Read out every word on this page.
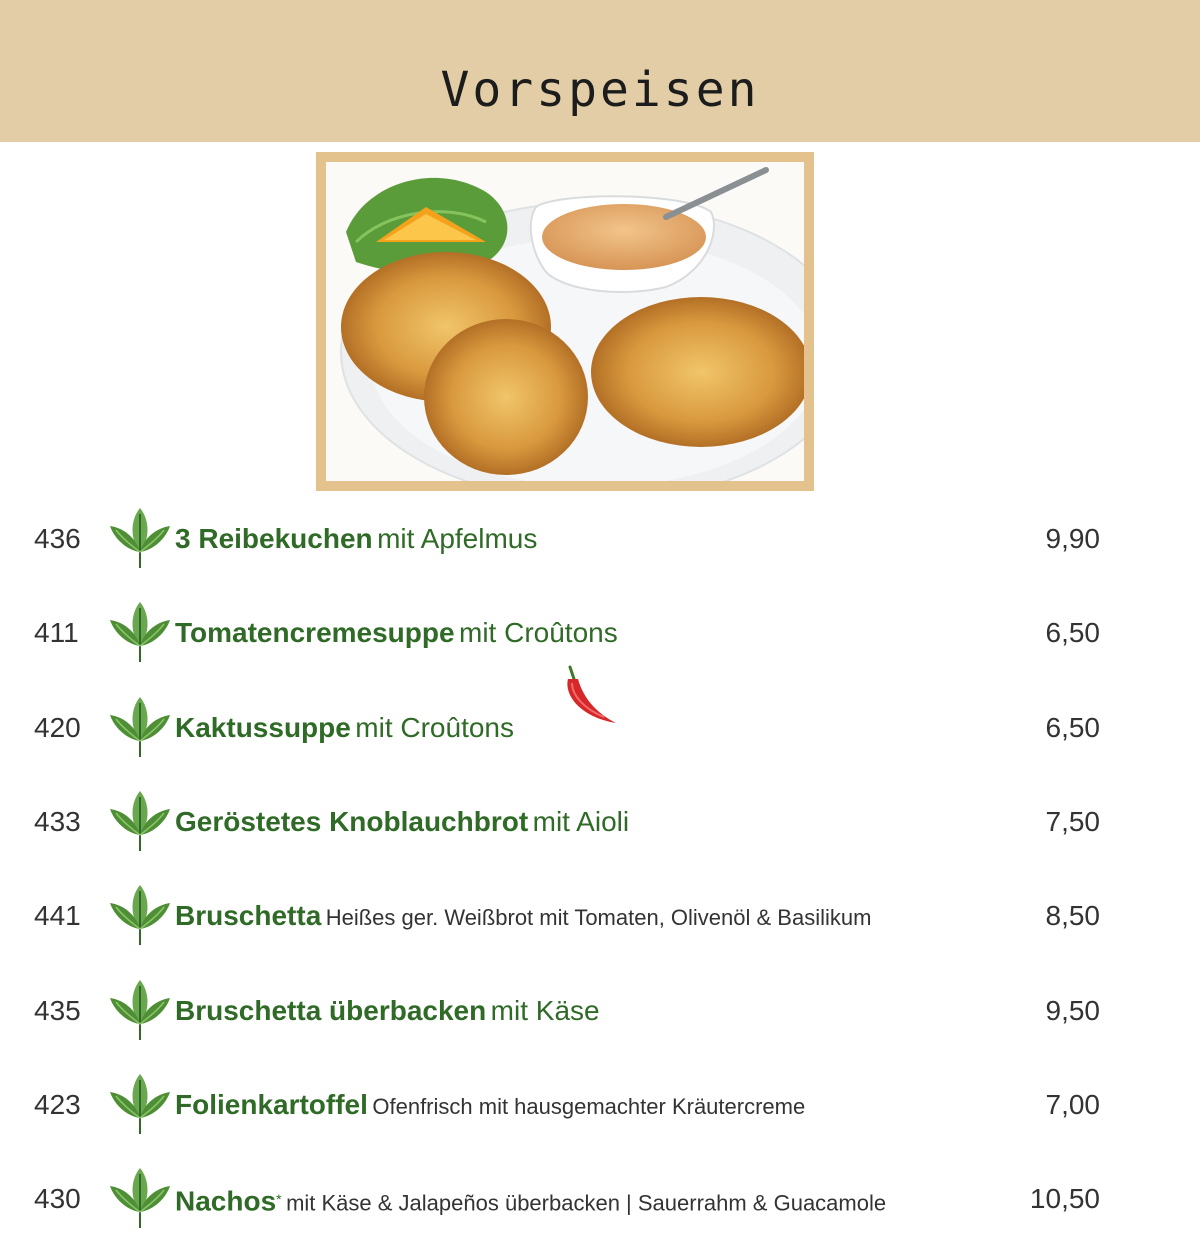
Vorspeisen
436	3 Reibekuchen mit Apfelmus	9,90
411	Tomatencremesuppe mit Croûtons	6,50
420	Kaktussuppe mit Croûtons	6,50
433	Geröstetes Knoblauchbrot mit Aioli	7,50
441	Bruschetta Heißes ger. Weißbrot mit Tomaten, Olivenöl & Basilikum	8,50
435	Bruschetta überbacken mit Käse	9,50
423	Folienkartoffel Ofenfrisch mit hausgemachter Kräutercreme	7,00
430	Nachos* mit Käse & Jalapeños überbacken | Sauerrahm & Guacamole	10,50
